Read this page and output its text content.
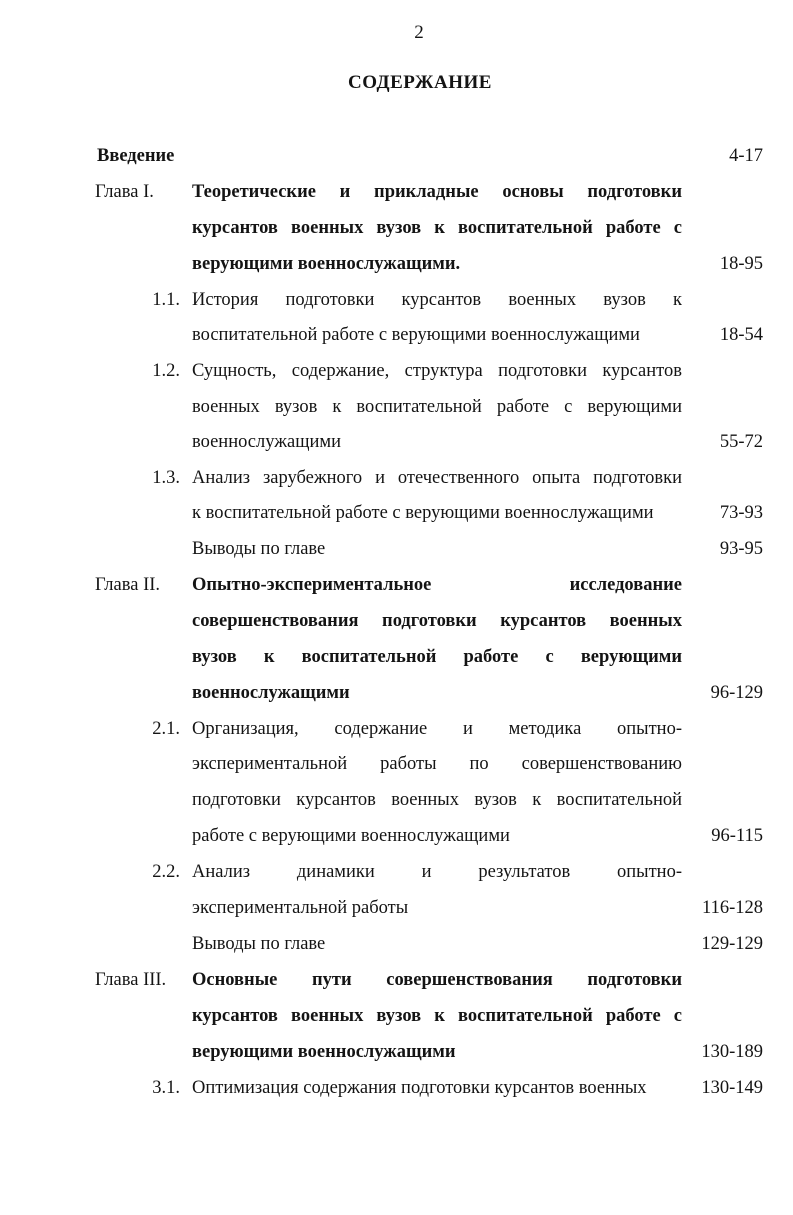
2
СОДЕРЖАНИЕ
Введение	4-17
Глава I. Теоретические и прикладные основы подготовки
курсантов военных вузов к воспитательной работе с
верующими военнослужащими.	18-95
1.1. История подготовки курсантов военных вузов к
воспитательной работе с верующими военнослужащими	18-54
1.2. Сущность, содержание, структура подготовки курсантов
военных вузов к воспитательной работе с верующими
военнослужащими	55-72
1.3. Анализ зарубежного и отечественного опыта подготовки
к воспитательной работе с верующими военнослужащими	73-93
Выводы по главе	93-95
Глава II. Опытно-экспериментальное исследование
совершенствования подготовки курсантов военных
вузов к воспитательной работе с верующими
военнослужащими	96-129
2.1. Организация, содержание и методика опытно-
экспериментальной работы по совершенствованию
подготовки курсантов военных вузов к воспитательной
работе с верующими военнослужащими	96-115
2.2. Анализ динамики и результатов опытно-
экспериментальной работы	116-128
Выводы по главе	129-129
Глава III. Основные пути совершенствования подготовки
курсантов военных вузов к воспитательной работе с
верующими военнослужащими	130-189
3.1. Оптимизация содержания подготовки курсантов военных	130-149
